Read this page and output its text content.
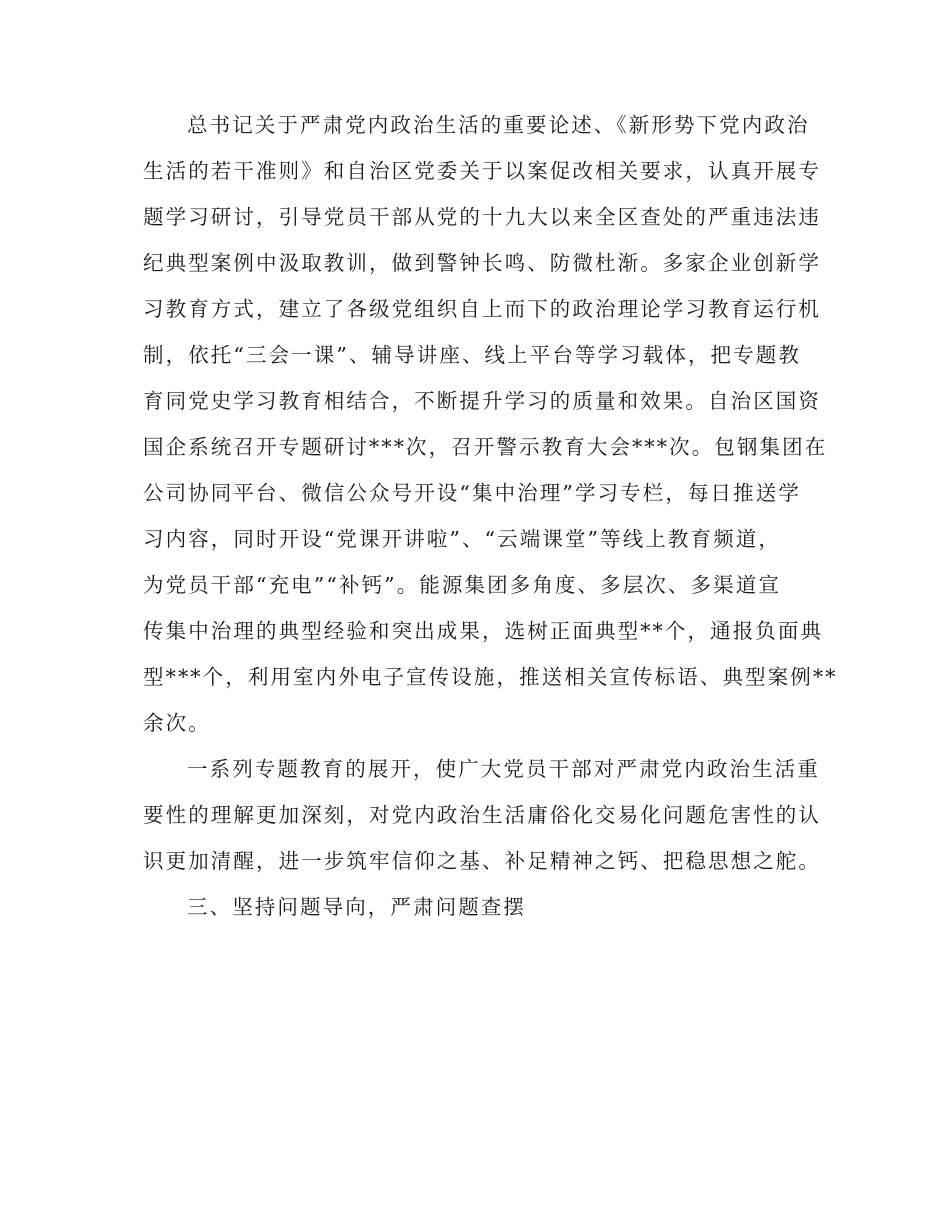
总书记关于严肃党内政治生活的重要论述、《新形势下党内政治
生活的若干准则》和自治区党委关于以案促改相关要求，认真开展专
题学习研讨，引导党员干部从党的十九大以来全区查处的严重违法违
纪典型案例中汲取教训，做到警钟长鸣、防微杜渐。多家企业创新学
习教育方式，建立了各级党组织自上而下的政治理论学习教育运行机
制，依托“三会一课”、辅导讲座、线上平台等学习载体，把专题教
育同党史学习教育相结合，不断提升学习的质量和效果。自治区国资
国企系统召开专题研讨***次，召开警示教育大会***次。包钢集团在
公司协同平台、微信公众号开设“集中治理”学习专栏，每日推送学
习内容，同时开设“党课开讲啦”、“云端课堂”等线上教育频道，
为党员干部“充电”“补钙”。能源集团多角度、多层次、多渠道宣
传集中治理的典型经验和突出成果，选树正面典型**个，通报负面典
型***个，利用室内外电子宣传设施，推送相关宣传标语、典型案例**
余次。
一系列专题教育的展开，使广大党员干部对严肃党内政治生活重
要性的理解更加深刻，对党内政治生活庸俗化交易化问题危害性的认
识更加清醒，进一步筑牢信仰之基、补足精神之钙、把稳思想之舵。
三、坚持问题导向，严肃问题查摆
